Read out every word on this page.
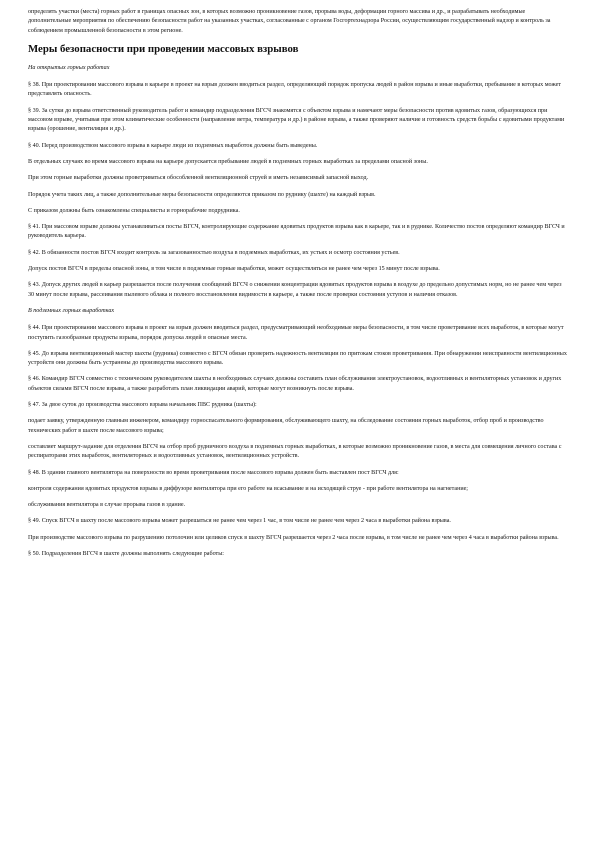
определять участки (места) горных работ в границах опасных зон, в которых возможно проникновение газов, прорыва воды, деформации горного массива и др., и разрабатывать необходимые дополнительные мероприятия по обеспечению безопасности работ на указанных участках, согласованные с органом Госгортехнадзора России, осуществляющим государственный надзор и контроль за соблюдением промышленной безопасности в этом регионе.

Меры безопасности при проведении массовых взрывов

На открытых горных работах

§ 38. При проектировании массового взрыва в карьере в проект на взрыв должен вводиться раздел, определяющий порядок пропуска людей в район взрыва и иные выработки, пребывание в которых может представлять опасность.

§ 39. За сутки до взрыва ответственный руководитель работ и командир подразделения ВГСЧ знакомятся с объектом взрыва и намечают меры безопасности против ядовитых газов, образующихся при массовом взрыве, учитывая при этом климатические особенности (направление ветра, температура и др.) в районе взрыва, а также проверяют наличие и готовность средств борьбы с ядовитыми продуктами взрыва (орошение, вентиляция и др.).

§ 40. Перед производством массового взрыва в карьере люди из подземных выработок должны быть выведены.

В отдельных случаях во время массового взрыва на карьере допускается пребывание людей в подземных горных выработках за пределами опасной зоны.

При этом горные выработки должны проветриваться обособленной вентиляционной струей и иметь независимый запасной выход.

Порядок учета таких лиц, а также дополнительные меры безопасности определяются приказом по руднику (шахте) на каждый взрыв.

С приказом должны быть ознакомлены специалисты и горнорабочие подрудника.

§ 41. При массовом взрыве должны устанавливаться посты ВГСЧ, контролирующие содержание ядовитых продуктов взрыва как в карьере, так и в руднике. Количество постов определяют командир ВГСЧ и руководитель карьера.

§ 42. В обязанности постов ВГСЧ входит контроль за загазованностью воздуха в подземных выработках, их устьях и осмотр состояния устьев.

Допуск постов ВГСЧ в пределы опасной зоны, в том числе в подземные горные выработки, может осуществляться не ранее чем через 15 минут после взрыва.

§ 43. Допуск других людей в карьер разрешается после получения сообщений ВГСЧ о снижении концентрации ядовитых продуктов взрыва в воздухе до предельно допустимых норм, но не ранее чем через 30 минут после взрыва, рассеивания пылевого облака и полного восстановления видимости в карьере, а также после проверки состояния уступов и наличия отказов.

В подземных горных выработках

§ 44. При проектировании массового взрыва в проект на взрыв должен вводиться раздел, предусматривающий необходимые меры безопасности, в том числе проветривание всех выработок, в которые могут поступить газообразные продукты взрыва, порядок допуска людей в опасные места.

§ 45. До взрыва вентиляционный мастер шахты (рудника) совместно с ВГСЧ обязан проверить надежность вентиляции по притокам стоков проветривания. При обнаружении неисправности вентиляционных устройств они должны быть устранены до производства массового взрыва.

§ 46. Командир ВГСЧ совместно с техническим руководителем шахты в необходимых случаях должны составить план обслуживания электроустановок, водоотливных и вентиляторных установок и других объектов силами ВГСЧ после взрыва, а также разработать план ликвидации аварий, которые могут возникнуть после взрыва.

§ 47. За двое суток до производства массового взрыва начальник ПВС рудника (шахты):

подает заявку, утвержденную главным инженером, командиру горноспасательного формирования, обслуживающего шахту, на обследование состояния горных выработок, отбор проб и производство технических работ в шахте после массового взрыва;

составляет маршрут-задание для отделения ВГСЧ на отбор проб рудничного воздуха в подземных горных выработках, в которые возможно проникновение газов, в места для совмещения личного состава с респираторами этих выработок, вентиляторных и водоотливных установок, вентиляционных устройств.

§ 48. В здании главного вентилятора на поверхности во время проветривания после массового взрыва должен быть выставлен пост ВГСЧ для:

контроля содержания ядовитых продуктов взрыва в диффузоре вентилятора при его работе на всасывание и на исходящей струе - при работе вентилятора на нагнетание;

обслуживания вентилятора в случае прорыва газов в здание.

§ 49. Спуск ВГСЧ в шахту после массового взрыва может разрешаться не ранее чем через 1 час, в том числе не ранее чем через 2 часа в выработки района взрыва.

При производстве массового взрыва по разрушению потолочин или целиков спуск в шахту ВГСЧ разрешается через 2 часа после взрыва, в том числе не ранее чем через 4 часа в выработки района взрыва.

§ 50. Подразделения ВГСЧ в шахте должны выполнять следующие работы:
